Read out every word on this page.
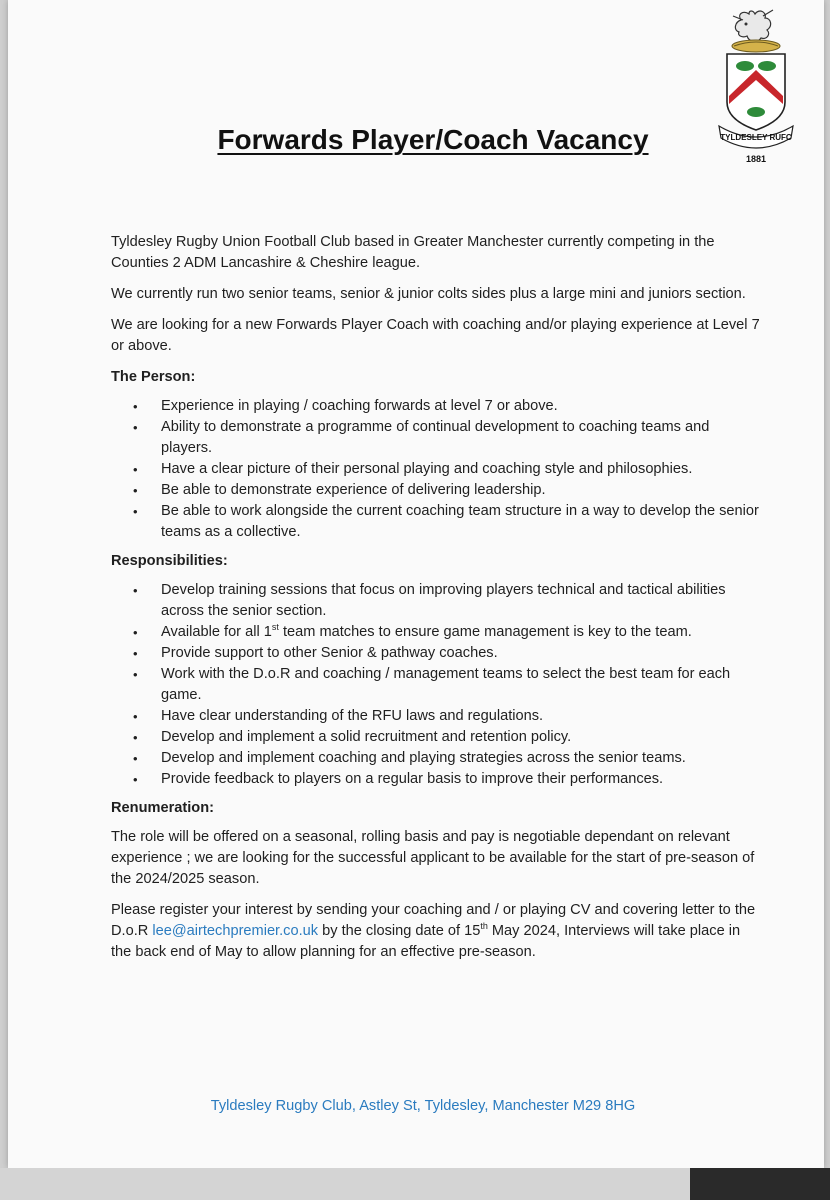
TYLDESLEY RUFC
1881
Forwards Player/Coach Vacancy

Tyldesley Rugby Union Football Club based in Greater Manchester currently competing in the Counties 2 ADM Lancashire & Cheshire league.

We currently run two senior teams, senior & junior colts sides plus a large mini and juniors section.

We are looking for a new Forwards Player Coach with coaching and/or playing experience at Level 7 or above.

The Person:
• Experience in playing / coaching forwards at level 7 or above.
• Ability to demonstrate a programme of continual development to coaching teams and players.
• Have a clear picture of their personal playing and coaching style and philosophies.
• Be able to demonstrate experience of delivering leadership.
• Be able to work alongside the current coaching team structure in a way to develop the senior teams as a collective.
Responsibilities:
• Develop training sessions that focus on improving players technical and tactical abilities across the senior section.
• Available for all 1st team matches to ensure game management is key to the team.
• Provide support to other Senior & pathway coaches.
• Work with the D.o.R and coaching / management teams to select the best team for each game.
• Have clear understanding of the RFU laws and regulations.
• Develop and implement a solid recruitment and retention policy.
• Develop and implement coaching and playing strategies across the senior teams.
• Provide feedback to players on a regular basis to improve their performances.
Renumeration:

The role will be offered on a seasonal, rolling basis and pay is negotiable dependant on relevant experience ; we are looking for the successful applicant to be available for the start of pre-season of the 2024/2025 season.

Please register your interest by sending your coaching and / or playing CV and covering letter to the D.o.R lee@airtechpremier.co.uk by the closing date of 15th May 2024, Interviews will take place in the back end of May to allow planning for an effective pre-season.

Tyldesley Rugby Club, Astley St, Tyldesley, Manchester M29 8HG
